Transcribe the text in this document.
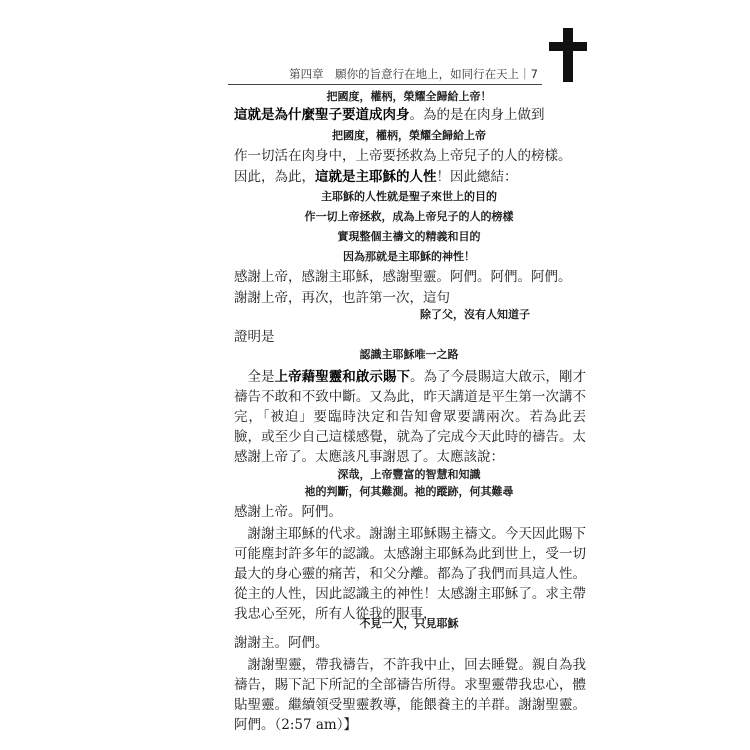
第四章　願你的旨意行在地上，如同行在天上｜7
把國度，權柄，榮耀全歸給上帝！
這就是為什麼聖子要道成肉身。為的是在肉身上做到
把國度，權柄，榮耀全歸給上帝
作一切活在肉身中，上帝要拯救為上帝兒子的人的榜樣。
因此，為此，這就是主耶穌的人性！因此總結：
主耶穌的人性就是聖子來世上的目的
作一切上帝拯救，成為上帝兒子的人的榜樣
實現整個主禱文的精義和目的
因為那就是主耶穌的神性！
感謝上帝，感謝主耶穌，感謝聖靈。阿們。阿們。阿們。
謝謝上帝，再次，也許第一次，這句
除了父，沒有人知道子
證明是
認識主耶穌唯一之路
全是上帝藉聖靈和啟示賜下。為了今晨賜這大啟示，剛才禱告不敢和不致中斷。又為此，昨天講道是平生第一次講不完，「被迫」要臨時決定和告知會眾要講兩次。若為此丟臉，或至少自己這樣感覺，就為了完成今天此時的禱告。太感謝上帝了。太應該凡事謝恩了。太應該說：
深哉，上帝豐富的智慧和知識
祂的判斷，何其難測。祂的蹤跡，何其難尋
感謝上帝。阿們。
謝謝主耶穌的代求。謝謝主耶穌賜主禱文。今天因此賜下可能塵封許多年的認識。太感謝主耶穌為此到世上，受一切最大的身心靈的痛苦，和父分離。都為了我們而具這人性。從主的人性，因此認識主的神性！太感謝主耶穌了。求主帶我忠心至死，所有人從我的服事，
不見一人，只見耶穌
謝謝主。阿們。
謝謝聖靈，帶我禱告，不許我中止，回去睡覺。親自為我禱告，賜下記下所記的全部禱告所得。求聖靈帶我忠心，體貼聖靈。繼續領受聖靈教導，能餵養主的羊群。謝謝聖靈。阿們。（2:57 am）】
